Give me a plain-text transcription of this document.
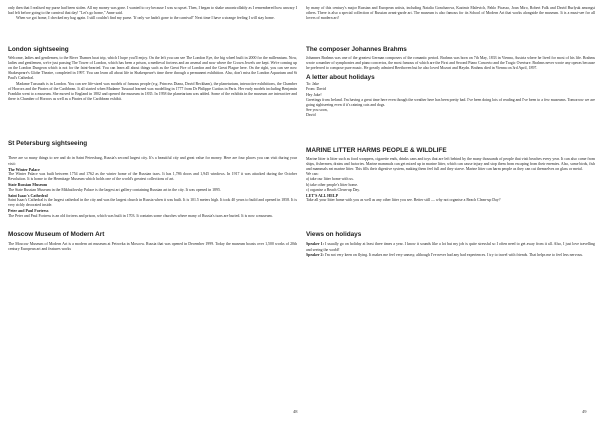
only then that I realised my purse had been stolen. All my money was gone. I wanted to cry because I was so upset. Then, I began to shake uncontrollably as I remembered how unwary I had felt before going to the carnival that day! "Let's go home," Anne said.

When we got home, I checked my bag again. I still couldn't find my purse. 'If only we hadn't gone to the carnival!' Next time I have a strange feeling I will stay home.

London sightseeing

Welcome, ladies and gentlemen, to the River Thames boat trip, which I hope you'll enjoy. On the left you can see The London Eye, the big wheel built in 2000 for the millennium. Now, ladies and gentlemen, we're just passing The Tower of London, which has been a prison, a medieval fortress and an arsenal and now where the Crown Jewels are kept. We're coming up on the London Dungeon which is not for the faint-hearted. You can learn all about things such as the Great Fire of London and the Great Plague here. On the right, you can see now Shakespeare's Globe Theatre, completed in 1997. You can learn all about life in Shakespeare's time there through a permanent exhibition. Also, don't miss the London Aquarium and St Paul's Cathedral.

Madame Tussauds is in London. You can see life-sized wax models of famous people (e.g. Princess Diana, David Beckham), the planetarium, interactive exhibitions, the Chamber of Horrors and the Pirates of the Caribbean. It all started when Madame Tussaud learned wax modelling in 1777 from Dr Philippe Curtius in Paris. Her early models including Benjamin Franklin went to a museum. She moved to England in 1802 and opened the museum in 1835. In 1958 the planetarium was added. Some of the exhibits in the museum are interactive and there is Chamber of Horrors as well as a Pirates of the Caribbean exhibit.

St Petersburg sightseeing

There are so many things to see and do in Saint Petersburg, Russia's second largest city. It's a beautiful city and great value for money. Here are four places you can visit during your visit:

The Winter Palace

The Winter Palace was built between 1754 and 1762 as the winter home of the Russian tsars. It has 1,786 doors and 1,945 windows. In 1917 it was attacked during the October Revolution. It is home to the Hermitage Museum which holds one of the world's greatest collections of art.

State Russian Museum

The State Russian Museum in the Mikhailovsky Palace is the largest art gallery containing Russian art in the city. It was opened in 1895.

Saint Isaac's Cathedral

Saint Isaac's Cathedral is the largest cathedral in the city and was the largest church in Russia when it was built. It is 101.5 meters high. It took 40 years to build and opened in 1858. It is very richly decorated inside.

Peter and Paul Fortress

The Peter and Paul Fortress is an old fortress and prison, which was built in 1703. It contains some churches where many of Russia's tsars are buried. It is now a museum.

Moscow Museum of Modern Art

The Moscow Museum of Modern Art is a modern art museum at Petrovka in Moscow. Russia that was opened in December 1999. Today the museum boasts over 1,500 works of 20th century European art and features works

48

by many of this century's major Russian and European artists, including Natalia Goncharova, Kazimir Malevich, Pablo Picasso, Joan Miro, Robert Falk and David Burlyuk amongst others. There is also a special collection of Russian avant-garde art. The museum is also famous for its School of Modern Art that works alongside the museum. It is a must-see for all lovers of modern art!

The composer Johannes Brahms

Johannes Brahms was one of the greatest German composers of the romantic period. Brahms was born on 7th May, 1833 in Vienna, Austria where he lived for most of his life. Brahms wrote a number of symphonies and piano concertos, the most famous of which are the First and Second Piano Concerto and the Tragic Overture. Brahms never wrote any operas because he preferred to compose pure music. He greatly admired Beethoven but he also loved Mozart and Haydn. Brahms died in Vienna on 3rd April, 1897.

A letter about holidays

To: Jake

From: David

Hey Jake!

Greetings from Ireland. I'm having a great time here even though the weather here has been pretty bad. I've been doing lots of reading and I've been to a few museums. Tomorrow we are going sightseeing even if it's raining cats and dogs.

See you soon,

David

MARINE LITTER HARMS PEOPLE & WILDLIFE

Marine litter is litter such as food wrappers, cigarette ends, drinks cans and toys that are left behind by the many thousands of people that visit beaches every year. It can also come from ships, fishermen, drains and factories. Marine mammals can get mixed up in marine litter, which can cause injury and stop them from escaping from their enemies. Also, some birds, fish and mammals eat marine litter. This fills their digestive system, making them feel full and they starve. Marine litter can harm people as they can cut themselves on glass or metal.

We can:

a) take our litter home with us.

b) take other people's litter home.

c) organise a Beach Clean-up Day.

LET'S ALL HELP

Take all your litter home with you as well as any other litter you see. Better still — why not organise a Beach Clean-up Day?

Views on holidays

Speaker 1: I usually go on holiday at least three times a year. I know it sounds like a lot but my job is quite stressful so I often need to get away from it all. Also, I just love travelling and seeing the world!

Speaker 2: I'm not very keen on flying. It makes me feel very uneasy, although I've never had any bad experiences. I try to travel with friends. That helps me to feel less nervous.

49
